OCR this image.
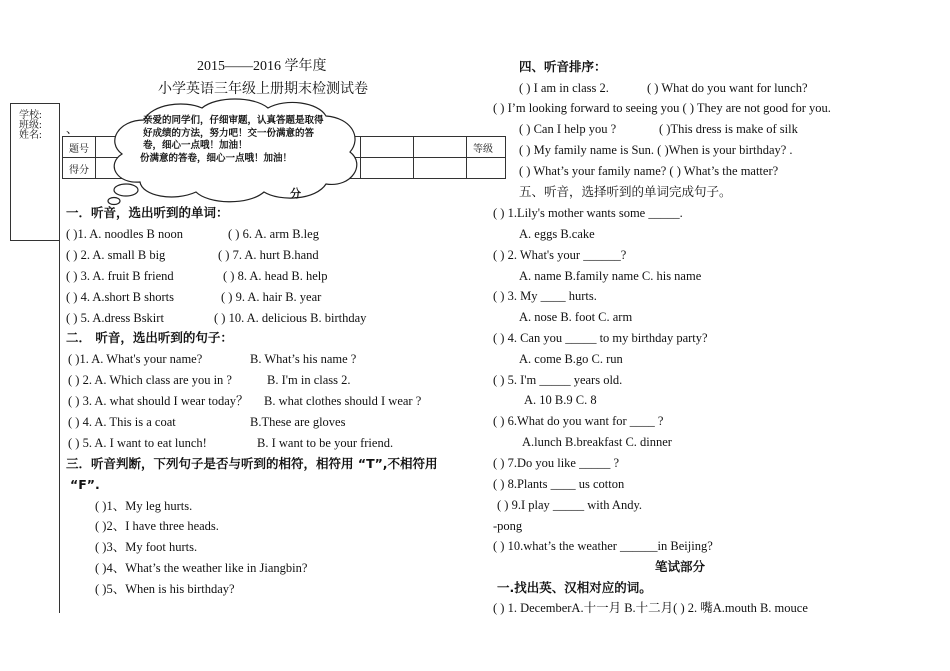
学校:
班级:
姓名:
2015——2016 学年度
小学英语三年级上册期末检测试卷
、
题号								等级
得分								
亲爱的同学们，仔细审题，认真答题是取得
好成绩的方法，努力吧！交一份满意的答
卷，细心一点哦！加油！
份满意的答卷，细心一点哦！加油！
分
一．听音，选出听到的单词：
( )1. A. noodles B noon	( ) 6. A. arm B.leg
( ) 2. A. small B big	( ) 7. A. hurt B.hand
( ) 3. A. fruit B friend	( ) 8. A. head B. help
( ) 4. A.short B shorts	( ) 9. A. hair B. year
( ) 5. A.dress Bskirt	( ) 10. A. delicious B. birthday
二． 听音，选出听到的句子：
( )1. A. What's your name?	B. What’s his name ?
( ) 2. A. Which class are you in ?	B. I'm in class 2.
( ) 3. A. what should I wear today？ B. what clothes should I wear ?
( ) 4. A. This is a coat	B.These are gloves
( ) 5. A. I want to eat lunch!	B. I want to be your friend.
三．听音判断，下列句子是否与听到的相符，相符用 “T”,不相符用
“F”.
( )1、My leg hurts.
( )2、I have three heads.
( )3、My foot hurts.
( )4、What’s the weather like in Jiangbin?
( )5、When is his birthday?
四、听音排序：
( ) I am in class 2.	( ) What do you want for lunch?
( ) I’m looking forward to seeing you ( ) They are not good for you.
( ) Can I help you ?	( )This dress is make of silk
( ) My family name is Sun. ( )When is your birthday? .
( ) What’s your family name? ( ) What’s the matter?
五、听音，选择听到的单词完成句子。
( ) 1.Lily's mother wants some _____.
A. eggs B.cake
( ) 2. What's your ______?
A. name B.family name C. his name
( ) 3. My ____ hurts.
A. nose B. foot C. arm
( ) 4. Can you _____ to my birthday party?
A. come B.go C. run
( ) 5. I'm _____ years old.
A. 10 B.9 C. 8
( ) 6.What do you want for ____ ?
A.lunch B.breakfast C. dinner
( ) 7.Do you like _____ ?
( ) 8.Plants ____ us cotton
( ) 9.I play _____ with Andy.
-pong
( ) 10.what’s the weather ______in Beijing?
笔试部分
一.找出英、汉相对应的词。
( ) 1. DecemberA.十一月 B.十二月( ) 2. 嘴A.mouth B. mouce
